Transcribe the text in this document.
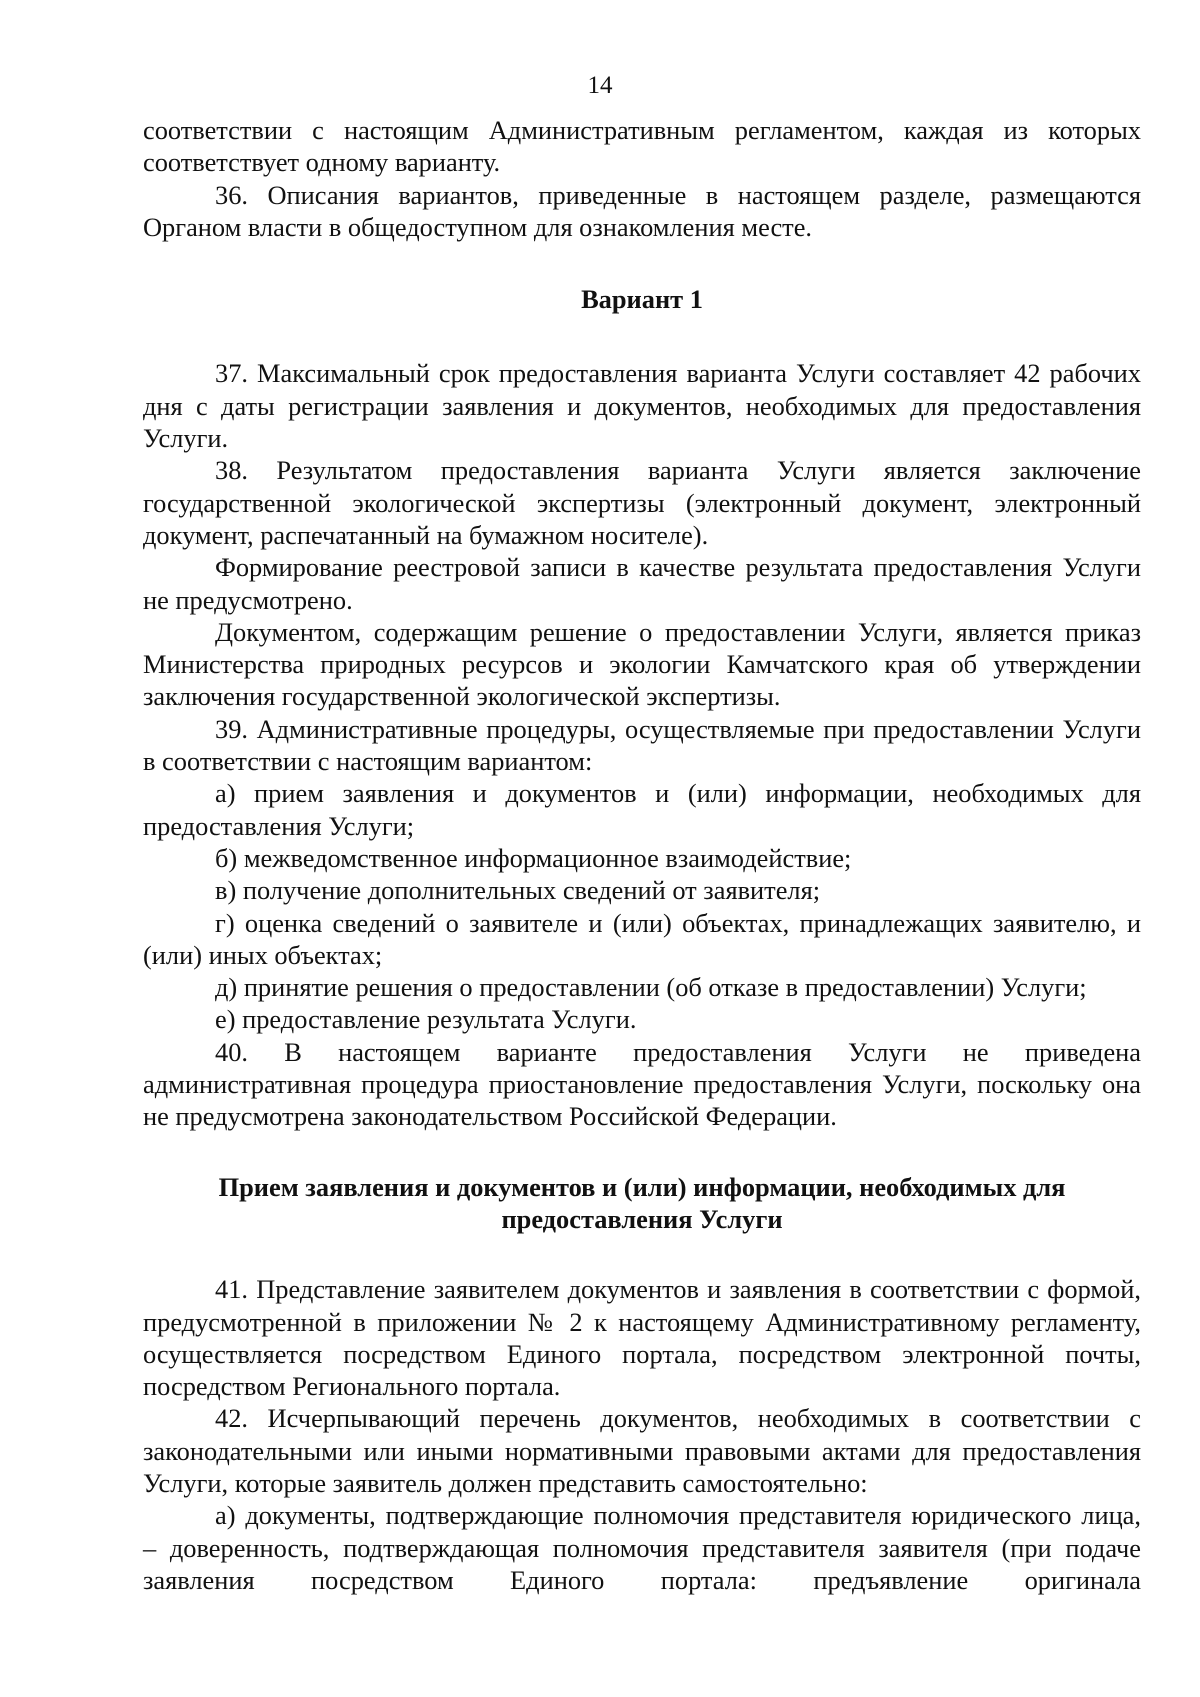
14

соответствии с настоящим Административным регламентом, каждая из которых соответствует одному варианту.

36. Описания вариантов, приведенные в настоящем разделе, размещаются Органом власти в общедоступном для ознакомления месте.

Вариант 1

37. Максимальный срок предоставления варианта Услуги составляет 42 рабочих дня с даты регистрации заявления и документов, необходимых для предоставления Услуги.

38. Результатом предоставления варианта Услуги является заключение государственной экологической экспертизы (электронный документ, электронный документ, распечатанный на бумажном носителе).

Формирование реестровой записи в качестве результата предоставления Услуги не предусмотрено.

Документом, содержащим решение о предоставлении Услуги, является приказ Министерства природных ресурсов и экологии Камчатского края об утверждении заключения государственной экологической экспертизы.

39. Административные процедуры, осуществляемые при предоставлении Услуги в соответствии с настоящим вариантом:

а) прием заявления и документов и (или) информации, необходимых для предоставления Услуги;

б) межведомственное информационное взаимодействие;

в) получение дополнительных сведений от заявителя;

г) оценка сведений о заявителе и (или) объектах, принадлежащих заявителю, и (или) иных объектах;

д) принятие решения о предоставлении (об отказе в предоставлении) Услуги;

е) предоставление результата Услуги.

40. В настоящем варианте предоставления Услуги не приведена административная процедура приостановление предоставления Услуги, поскольку она не предусмотрена законодательством Российской Федерации.

Прием заявления и документов и (или) информации, необходимых для предоставления Услуги

41. Представление заявителем документов и заявления в соответствии с формой, предусмотренной в приложении № 2 к настоящему Административному регламенту, осуществляется посредством Единого портала, посредством электронной почты, посредством Регионального портала.

42. Исчерпывающий перечень документов, необходимых в соответствии с законодательными или иными нормативными правовыми актами для предоставления Услуги, которые заявитель должен представить самостоятельно:

а) документы, подтверждающие полномочия представителя юридического лица, – доверенность, подтверждающая полномочия представителя заявителя (при подаче заявления посредством Единого портала: предъявление оригинала
